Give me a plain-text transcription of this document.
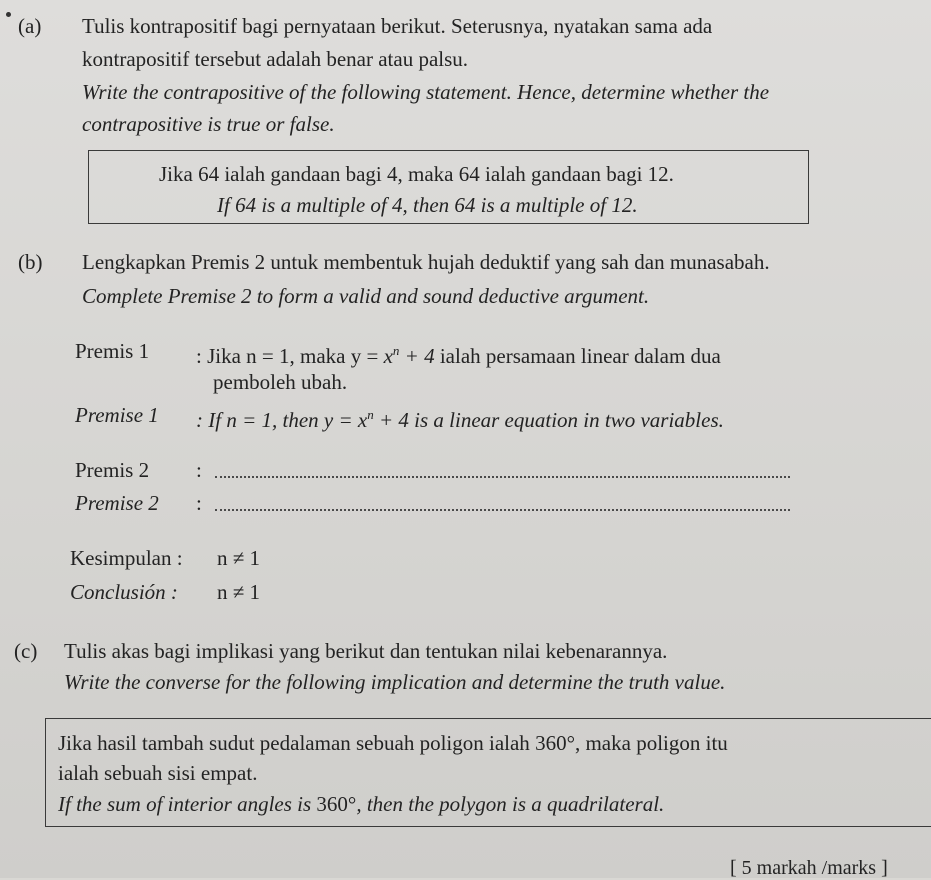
(a) Tulis kontrapositif bagi pernyataan berikut. Seterusnya, nyatakan sama ada
kontrapositif tersebut adalah benar atau palsu.
Write the contrapositive of the following statement. Hence, determine whether the
contrapositive is true or false.
Jika 64 ialah gandaan bagi 4, maka 64 ialah gandaan bagi 12.
If 64 is a multiple of 4, then 64 is a multiple of 12.
(b) Lengkapkan Premis 2 untuk membentuk hujah deduktif yang sah dan munasabah.
Complete Premise 2 to form a valid and sound deductive argument.
Premis 1 : Jika n = 1, maka $y = x^n + 4$ ialah persamaan linear dalam dua
pemboleh ubah.
Premise 1 : If n = 1, then $y = x^n + 4$ is a linear equation in two variables.
Premis 2 :
Premise 2 :
Kesimpulan : n ≠ 1
Conclusión : n ≠ 1
(c) Tulis akas bagi implikasi yang berikut dan tentukan nilai kebenarannya.
Write the converse for the following implication and determine the truth value.
Jika hasil tambah sudut pedalaman sebuah poligon ialah 360°, maka poligon itu
ialah sebuah sisi empat.
If the sum of interior angles is 360°, then the polygon is a quadrilateral.
[ 5 markah /marks ]
